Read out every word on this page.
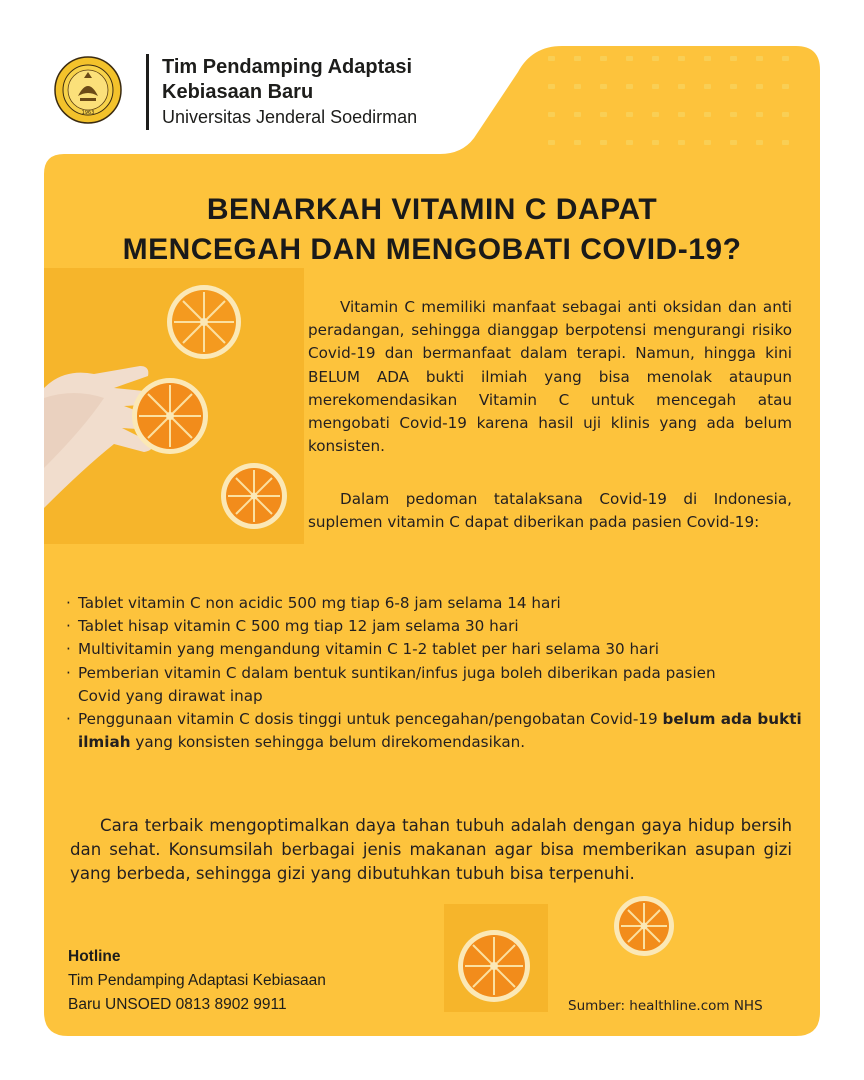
1963
Tim Pendamping Adaptasi
Kebiasaan Baru
Universitas Jenderal Soedirman
BENARKAH VITAMIN C DAPAT
MENCEGAH DAN MENGOBATI COVID-19?
Vitamin C memiliki manfaat sebagai anti oksidan dan anti peradangan, sehingga dianggap berpotensi mengurangi risiko Covid-19 dan bermanfaat dalam terapi. Namun, hingga kini BELUM ADA bukti ilmiah yang bisa menolak ataupun merekomendasikan Vitamin C untuk mencegah atau mengobati Covid-19 karena hasil uji klinis yang ada belum konsisten.
Dalam pedoman tatalaksana Covid-19 di Indonesia, suplemen vitamin C dapat diberikan pada pasien Covid-19:
· Tablet vitamin C non acidic 500 mg tiap 6-8 jam selama 14 hari
· Tablet hisap vitamin C 500 mg tiap 12 jam selama 30 hari
· Multivitamin yang mengandung vitamin C 1-2 tablet per hari selama 30 hari
· Pemberian vitamin C dalam bentuk suntikan/infus juga boleh diberikan pada pasien Covid yang dirawat inap
· Penggunaan vitamin C dosis tinggi untuk pencegahan/pengobatan Covid-19 belum ada bukti ilmiah yang konsisten sehingga belum direkomendasikan.
Cara terbaik mengoptimalkan daya tahan tubuh adalah dengan gaya hidup bersih dan sehat. Konsumsilah berbagai jenis makanan agar bisa memberikan asupan gizi yang berbeda, sehingga gizi yang dibutuhkan tubuh bisa terpenuhi.
Hotline
Tim Pendamping Adaptasi Kebiasaan
Baru UNSOED 0813 8902 9911	Sumber: healthline.com NHS
